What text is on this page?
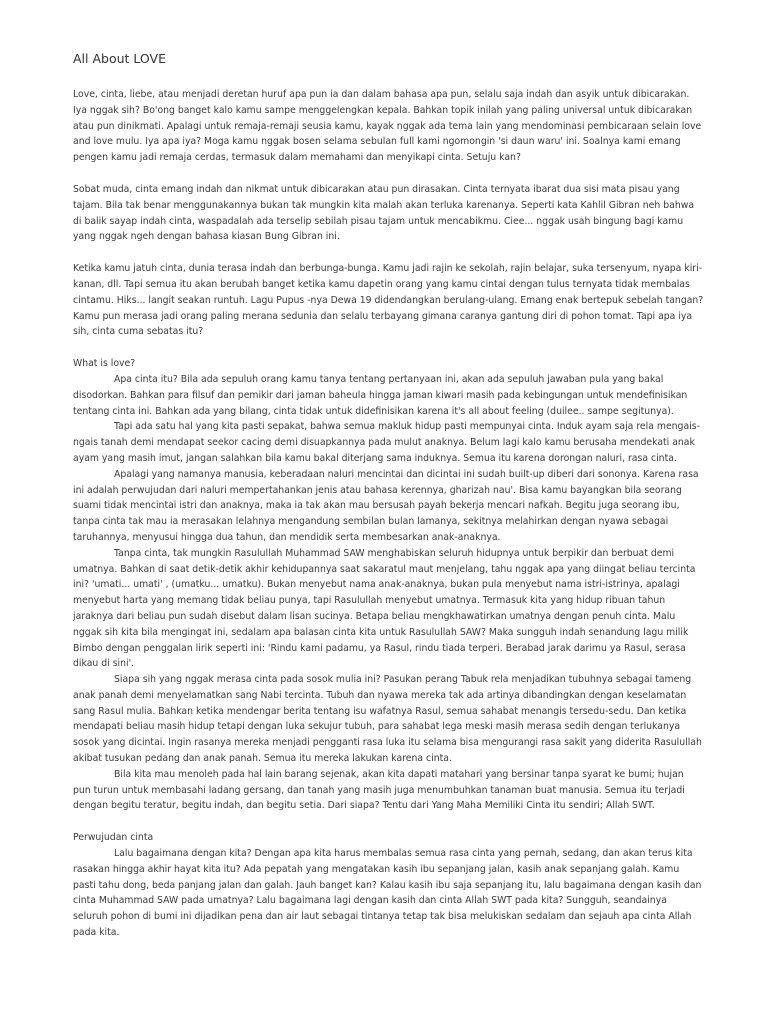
All About LOVE

Love, cinta, liebe, atau menjadi deretan huruf apa pun ia dan dalam bahasa apa pun, selalu saja indah dan asyik untuk dibicarakan. Iya nggak sih? Bo'ong banget kalo kamu sampe menggelengkan kepala. Bahkan topik inilah yang paling universal untuk dibicarakan atau pun dinikmati. Apalagi untuk remaja-remaji seusia kamu, kayak nggak ada tema lain yang mendominasi pembicaraan selain love and love mulu. Iya apa iya? Moga kamu nggak bosen selama sebulan full kami ngomongin 'si daun waru' ini. Soalnya kami emang pengen kamu jadi remaja cerdas, termasuk dalam memahami dan menyikapi cinta. Setuju kan?

Sobat muda, cinta emang indah dan nikmat untuk dibicarakan atau pun dirasakan. Cinta ternyata ibarat dua sisi mata pisau yang tajam. Bila tak benar menggunakannya bukan tak mungkin kita malah akan terluka karenanya. Seperti kata Kahlil Gibran neh bahwa di balik sayap indah cinta, waspadalah ada terselip sebilah pisau tajam untuk mencabikmu. Ciee... nggak usah bingung bagi kamu yang nggak ngeh dengan bahasa kiasan Bung Gibran ini.

Ketika kamu jatuh cinta, dunia terasa indah dan berbunga-bunga. Kamu jadi rajin ke sekolah, rajin belajar, suka tersenyum, nyapa kiri-kanan, dll. Tapi semua itu akan berubah banget ketika kamu dapetin orang yang kamu cintai dengan tulus ternyata tidak membalas cintamu. Hiks... langit seakan runtuh. Lagu Pupus -nya Dewa 19 didendangkan berulang-ulang. Emang enak bertepuk sebelah tangan? Kamu pun merasa jadi orang paling merana sedunia dan selalu terbayang gimana caranya gantung diri di pohon tomat. Tapi apa iya sih, cinta cuma sebatas itu?

What is love?

Apa cinta itu? Bila ada sepuluh orang kamu tanya tentang pertanyaan ini, akan ada sepuluh jawaban pula yang bakal disodorkan. Bahkan para filsuf dan pemikir dari jaman baheula hingga jaman kiwari masih pada kebingungan untuk mendefinisikan tentang cinta ini. Bahkan ada yang bilang, cinta tidak untuk didefinisikan karena it's all about feeling (duilee.. sampe segitunya).

Tapi ada satu hal yang kita pasti sepakat, bahwa semua makluk hidup pasti mempunyai cinta. Induk ayam saja rela mengais-ngais tanah demi mendapat seekor cacing demi disuapkannya pada mulut anaknya. Belum lagi kalo kamu berusaha mendekati anak ayam yang masih imut, jangan salahkan bila kamu bakal diterjang sama induknya. Semua itu karena dorongan naluri, rasa cinta.

Apalagi yang namanya manusia, keberadaan naluri mencintai dan dicintai ini sudah built-up diberi dari sononya. Karena rasa ini adalah perwujudan dari naluri mempertahankan jenis atau bahasa kerennya, gharizah nau'. Bisa kamu bayangkan bila seorang suami tidak mencintai istri dan anaknya, maka ia tak akan mau bersusah payah bekerja mencari nafkah. Begitu juga seorang ibu, tanpa cinta tak mau ia merasakan lelahnya mengandung sembilan bulan lamanya, sekitnya melahirkan dengan nyawa sebagai taruhannya, menyusui hingga dua tahun, dan mendidik serta membesarkan anak-anaknya.

Tanpa cinta, tak mungkin Rasulullah Muhammad SAW menghabiskan seluruh hidupnya untuk berpikir dan berbuat demi umatnya. Bahkan di saat detik-detik akhir kehidupannya saat sakaratul maut menjelang, tahu nggak apa yang diingat beliau tercinta ini? 'umati... umati' , (umatku... umatku). Bukan menyebut nama anak-anaknya, bukan pula menyebut nama istri-istrinya, apalagi menyebut harta yang memang tidak beliau punya, tapi Rasulullah menyebut umatnya. Termasuk kita yang hidup ribuan tahun jaraknya dari beliau pun sudah disebut dalam lisan sucinya. Betapa beliau mengkhawatirkan umatnya dengan penuh cinta. Malu nggak sih kita bila mengingat ini, sedalam apa balasan cinta kita untuk Rasulullah SAW? Maka sungguh indah senandung lagu milik Bimbo dengan penggalan lirik seperti ini: 'Rindu kami padamu, ya Rasul, rindu tiada terperi. Berabad jarak darimu ya Rasul, serasa dikau di sini'.

Siapa sih yang nggak merasa cinta pada sosok mulia ini? Pasukan perang Tabuk rela menjadikan tubuhnya sebagai tameng anak panah demi menyelamatkan sang Nabi tercinta. Tubuh dan nyawa mereka tak ada artinya dibandingkan dengan keselamatan sang Rasul mulia. Bahkan ketika mendengar berita tentang isu wafatnya Rasul, semua sahabat menangis tersedu-sedu. Dan ketika mendapati beliau masih hidup tetapi dengan luka sekujur tubuh, para sahabat lega meski masih merasa sedih dengan terlukanya sosok yang dicintai. Ingin rasanya mereka menjadi pengganti rasa luka itu selama bisa mengurangi rasa sakit yang diderita Rasulullah akibat tusukan pedang dan anak panah. Semua itu mereka lakukan karena cinta.

Bila kita mau menoleh pada hal lain barang sejenak, akan kita dapati matahari yang bersinar tanpa syarat ke bumi; hujan pun turun untuk membasahi ladang gersang, dan tanah yang masih juga menumbuhkan tanaman buat manusia. Semua itu terjadi dengan begitu teratur, begitu indah, dan begitu setia. Dari siapa? Tentu dari Yang Maha Memiliki Cinta itu sendiri; Allah SWT.

Perwujudan cinta

Lalu bagaimana dengan kita? Dengan apa kita harus membalas semua rasa cinta yang pernah, sedang, dan akan terus kita rasakan hingga akhir hayat kita itu? Ada pepatah yang mengatakan kasih ibu sepanjang jalan, kasih anak sepanjang galah. Kamu pasti tahu dong, beda panjang jalan dan galah. Jauh banget kan? Kalau kasih ibu saja sepanjang itu, lalu bagaimana dengan kasih dan cinta Muhammad SAW pada umatnya? Lalu bagaimana lagi dengan kasih dan cinta Allah SWT pada kita? Sungguh, seandainya seluruh pohon di bumi ini dijadikan pena dan air laut sebagai tintanya tetap tak bisa melukiskan sedalam dan sejauh apa cinta Allah pada kita.
